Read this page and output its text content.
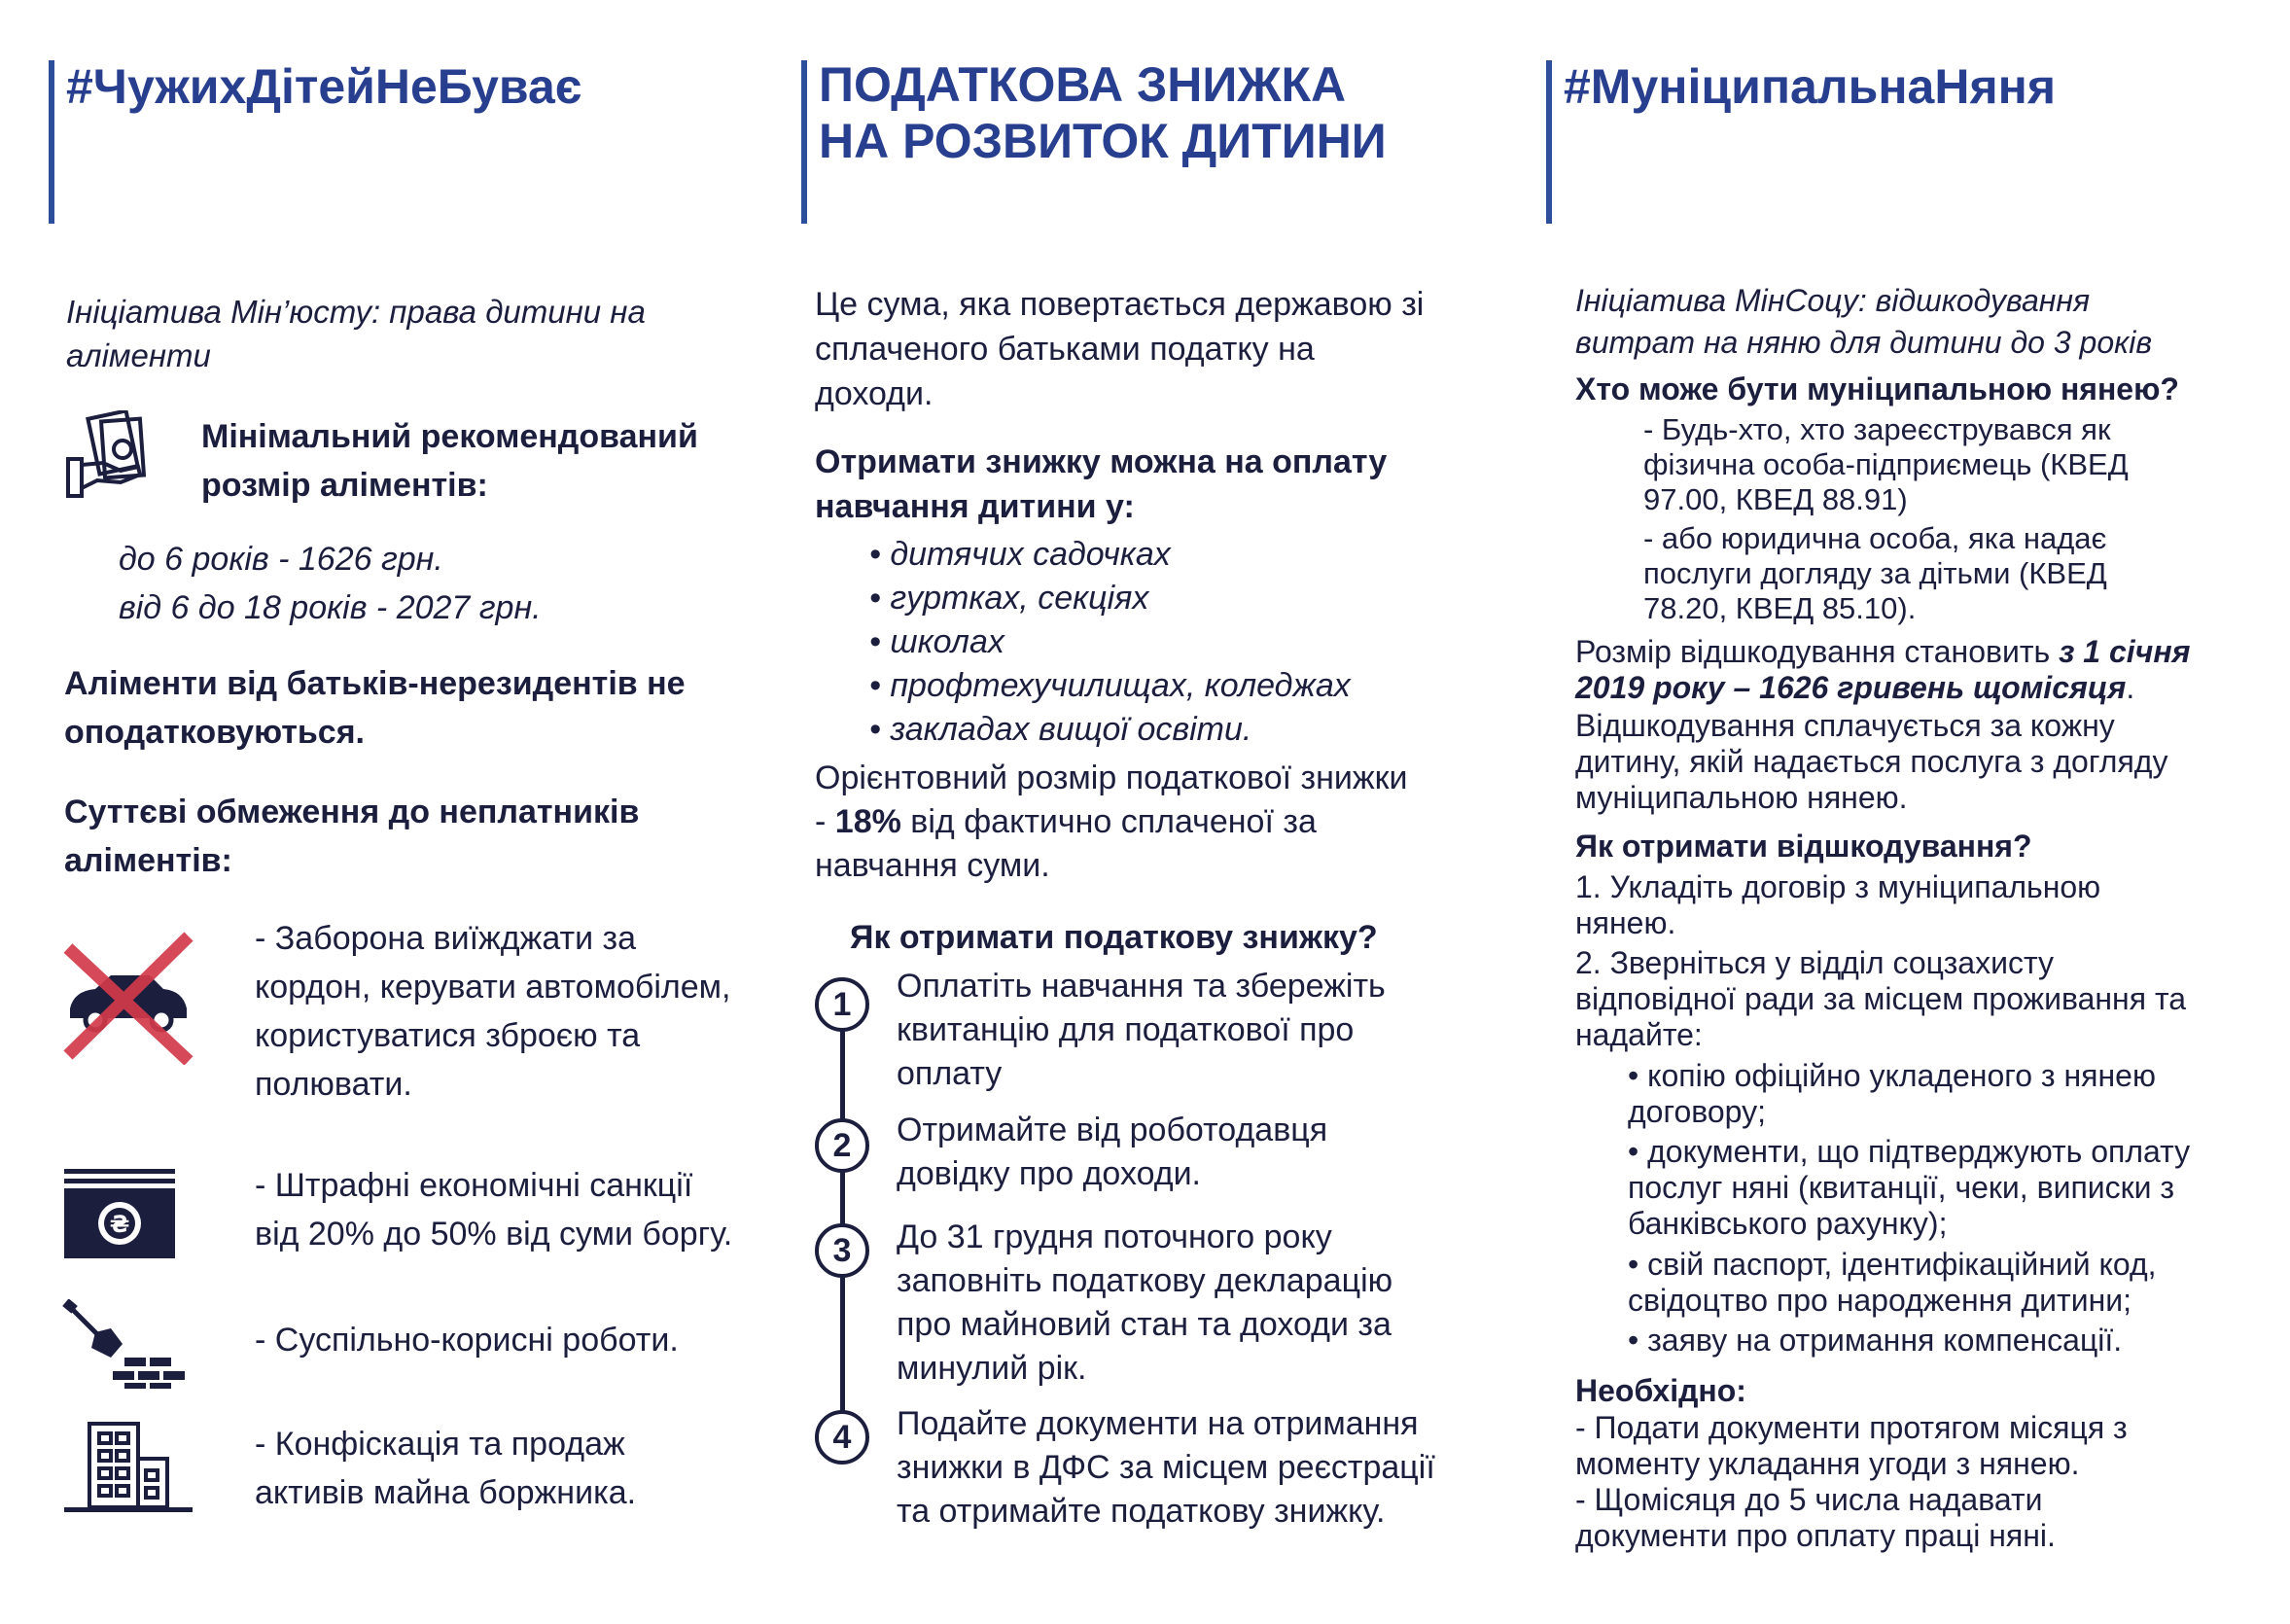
#ЧужихДітейНеБуває
Ініціатива Мін’юсту: права дитини на
аліменти
Мінімальний рекомендований
розмір аліментів:
до 6 років - 1626 грн.
від 6 до 18 років - 2027 грн.
Аліменти від батьків-нерезидентів не
оподатковуються.
Суттєві обмеження до неплатників
аліментів:
- Заборона виїжджати за
кордон, керувати автомобілем,
користуватися зброєю та
полювати.
₴
- Штрафні економічні санкції
від 20% до 50% від суми боргу.
- Суспільно-корисні роботи.
- Конфіскація та продаж
активів майна боржника.
ПОДАТКОВА ЗНИЖКА
НА РОЗВИТОК ДИТИНИ
Це сума, яка повертається державою зі
сплаченого батьками податку на
доходи.
Отримати знижку можна на оплату
навчання дитини у:
• дитячих садочках
• гуртках, секціях
• школах
• профтехучилищах, коледжах
• закладах вищої освіти.
Орієнтовний розмір податкової знижки
- 18% від фактично сплаченої за
навчання суми.
Як отримати податкову знижку?
1	Оплатіть навчання та збережіть
квитанцію для податкової про
оплату
2	Отримайте від роботодавця
довідку про доходи.
3	До 31 грудня поточного року
заповніть податкову декларацію
про майновий стан та доходи за
минулий рік.
4	Подайте документи на отримання
знижки в ДФС за місцем реєстрації
та отримайте податкову знижку.
#МуніципальнаНяня
Ініціатива МінСоцу: відшкодування
витрат на няню для дитини до 3 років
Хто може бути муніципальною нянею?
- Будь-хто, хто зареєструвався як
фізична особа-підприємець (КВЕД
97.00, КВЕД 88.91)
- або юридична особа, яка надає
послуги догляду за дітьми (КВЕД
78.20, КВЕД 85.10).
Розмір відшкодування становить з 1 січня
2019 року – 1626 гривень щомісяця.
Відшкодування сплачується за кожну
дитину, якій надається послуга з догляду
муніципальною нянею.
Як отримати відшкодування?
1. Укладіть договір з муніципальною
нянею.
2. Зверніться у відділ соцзахисту
відповідної ради за місцем проживання та
надайте:
• копію офіційно укладеного з нянею
договору;
• документи, що підтверджують оплату
послуг няні (квитанції, чеки, виписки з
банківського рахунку);
• свій паспорт, ідентифікаційний код,
свідоцтво про народження дитини;
• заяву на отримання компенсації.
Необхідно:
- Подати документи протягом місяця з
моменту укладання угоди з нянею.
- Щомісяця до 5 числа надавати
документи про оплату праці няні.
